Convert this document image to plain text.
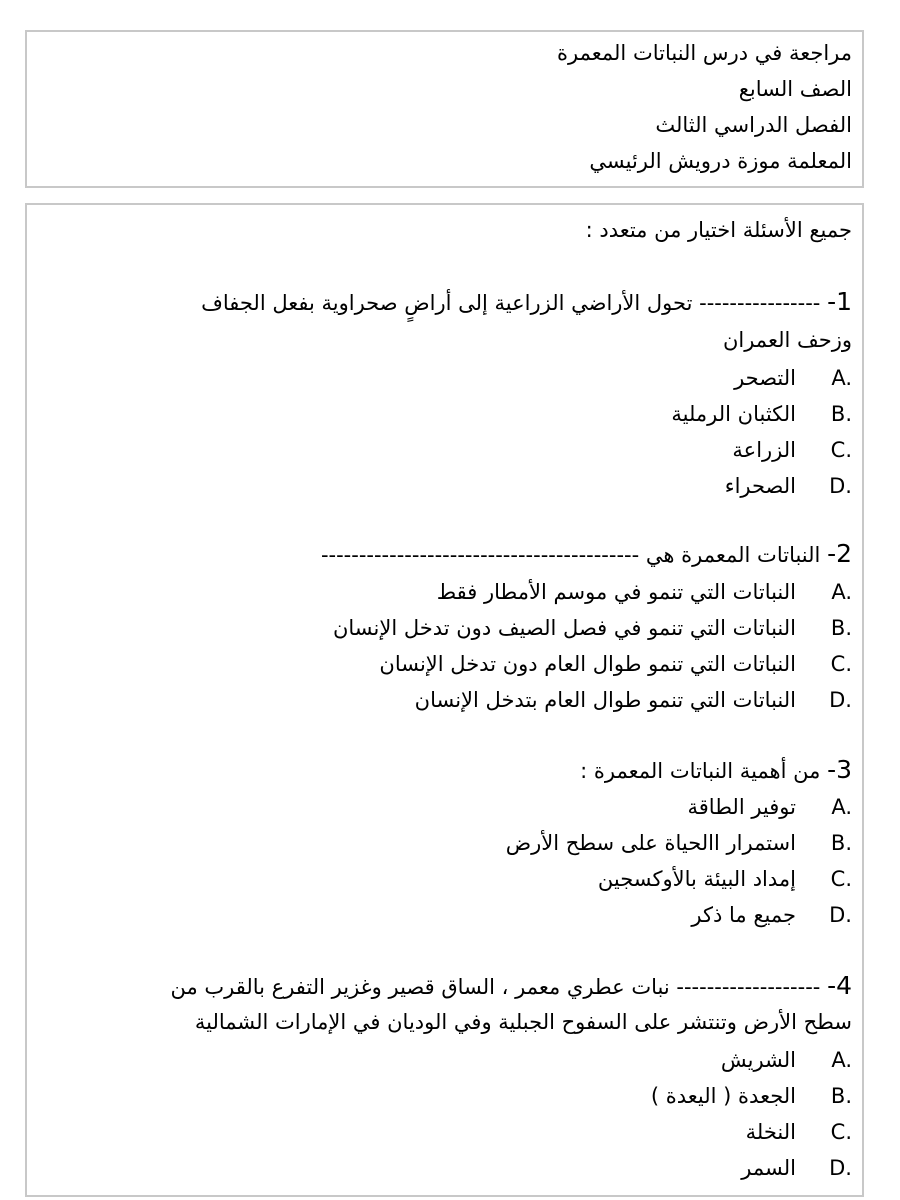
مراجعة في درس النباتات المعمرة
الصف السابع
الفصل الدراسي الثالث
المعلمة موزة درويش الرئيسي
جميع الأسئلة اختيار من متعدد :
1- ---------------- تحول الأراضي الزراعية إلى أراضٍ صحراوية بفعل الجفاف
وزحف العمران
A.
التصحر
B.
الكثبان الرملية
C.
الزراعة
D.
الصحراء
2- النباتات المعمرة هي ------------------------------------------
A.
النباتات التي تنمو في موسم الأمطار فقط
B.
النباتات التي تنمو في فصل الصيف دون تدخل الإنسان
C.
النباتات التي تنمو طوال العام دون تدخل الإنسان
D.
النباتات التي تنمو طوال العام بتدخل الإنسان
3- من أهمية النباتات المعمرة :
A.
توفير الطاقة
B.
استمرار االحياة على سطح الأرض
C.
إمداد البيئة بالأوكسجين
D.
جميع ما ذكر
4- ------------------- نبات عطري معمر ، الساق قصير وغزير التفرع بالقرب من
سطح الأرض وتنتشر على السفوح الجبلية وفي الوديان في الإمارات الشمالية
A.
الشريش
B.
الجعدة ( اليعدة )
C.
النخلة
D.
السمر
